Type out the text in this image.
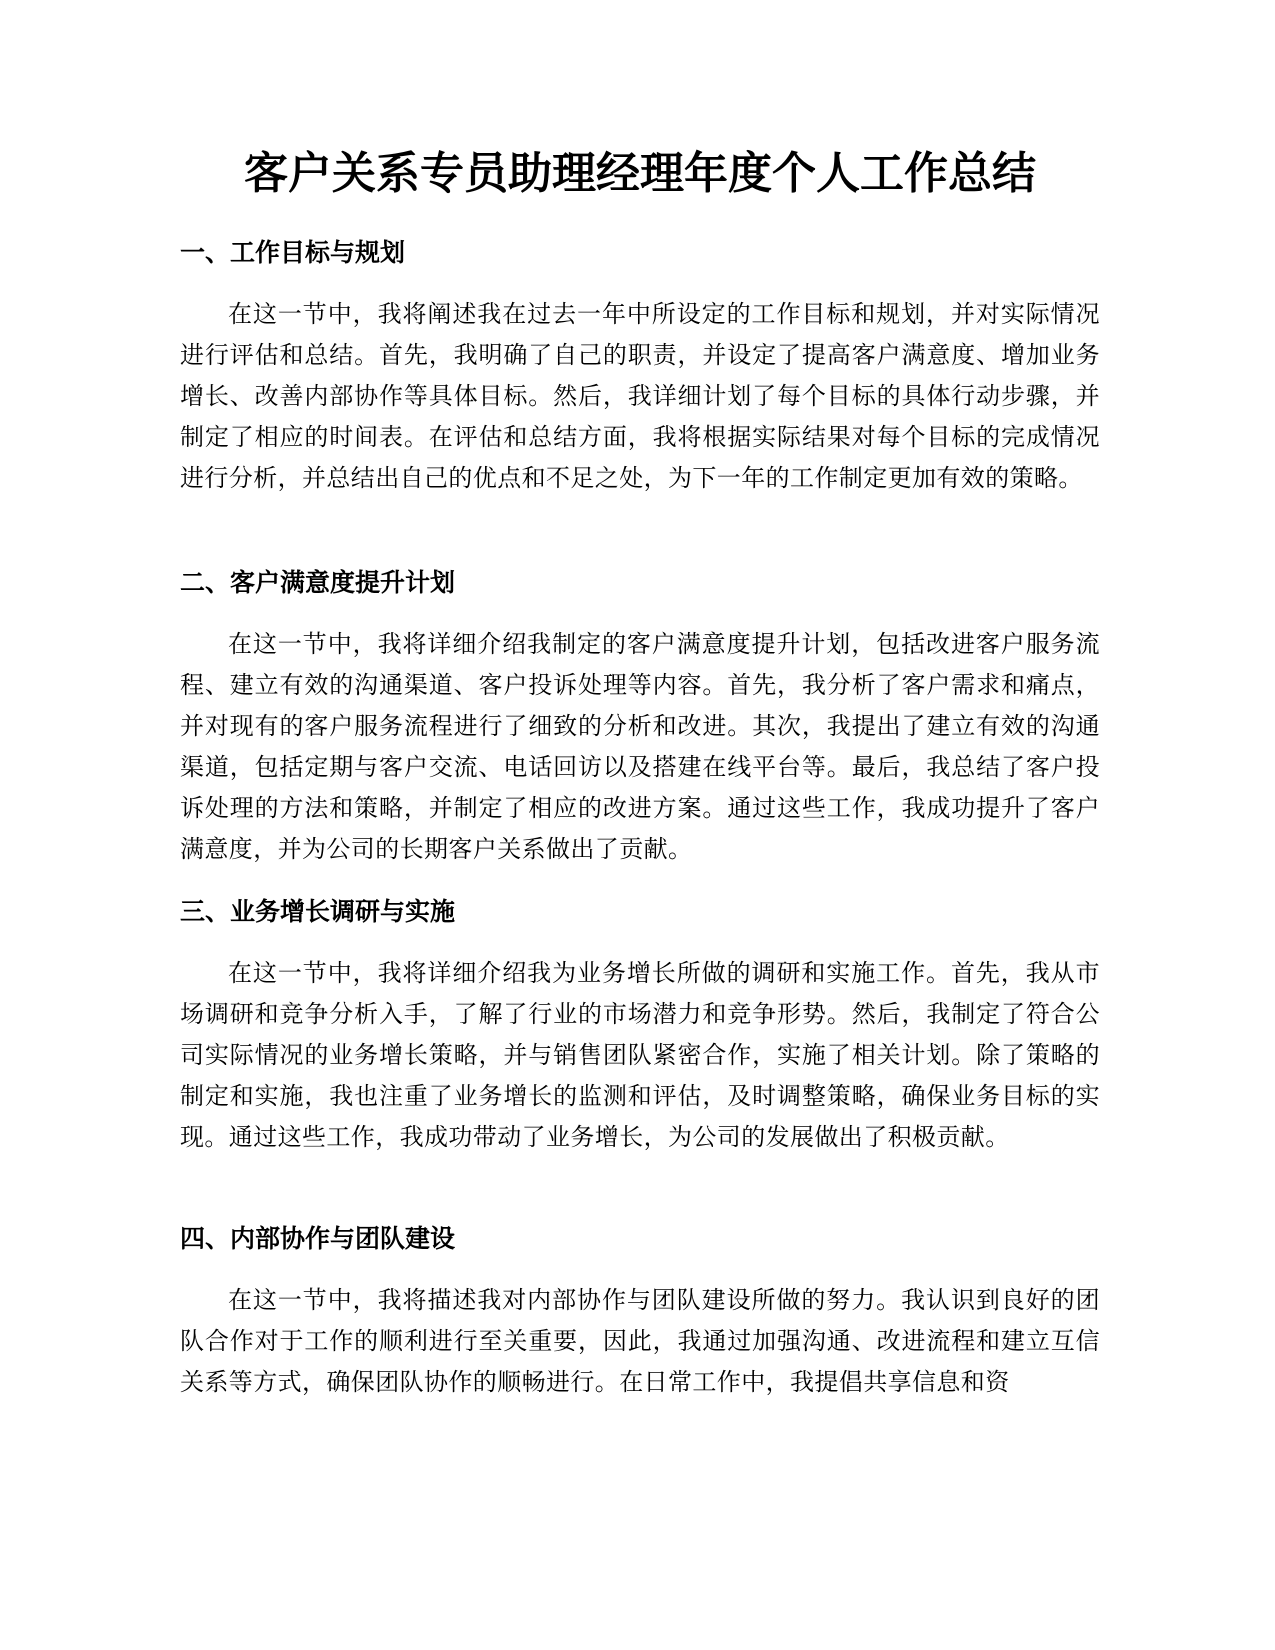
客户关系专员助理经理年度个人工作总结
一、工作目标与规划

在这一节中，我将阐述我在过去一年中所设定的工作目标和规划，并对实际情况进行评估和总结。首先，我明确了自己的职责，并设定了提高客户满意度、增加业务增长、改善内部协作等具体目标。然后，我详细计划了每个目标的具体行动步骤，并制定了相应的时间表。在评估和总结方面，我将根据实际结果对每个目标的完成情况进行分析，并总结出自己的优点和不足之处，为下一年的工作制定更加有效的策略。

二、客户满意度提升计划

在这一节中，我将详细介绍我制定的客户满意度提升计划，包括改进客户服务流程、建立有效的沟通渠道、客户投诉处理等内容。首先，我分析了客户需求和痛点，并对现有的客户服务流程进行了细致的分析和改进。其次，我提出了建立有效的沟通渠道，包括定期与客户交流、电话回访以及搭建在线平台等。最后，我总结了客户投诉处理的方法和策略，并制定了相应的改进方案。通过这些工作，我成功提升了客户满意度，并为公司的长期客户关系做出了贡献。

三、业务增长调研与实施

在这一节中，我将详细介绍我为业务增长所做的调研和实施工作。首先，我从市场调研和竞争分析入手，了解了行业的市场潜力和竞争形势。然后，我制定了符合公司实际情况的业务增长策略，并与销售团队紧密合作，实施了相关计划。除了策略的制定和实施，我也注重了业务增长的监测和评估，及时调整策略，确保业务目标的实现。通过这些工作，我成功带动了业务增长，为公司的发展做出了积极贡献。

四、内部协作与团队建设

在这一节中，我将描述我对内部协作与团队建设所做的努力。我认识到良好的团队合作对于工作的顺利进行至关重要，因此，我通过加强沟通、改进流程和建立互信关系等方式，确保团队协作的顺畅进行。在日常工作中，我提倡共享信息和资
